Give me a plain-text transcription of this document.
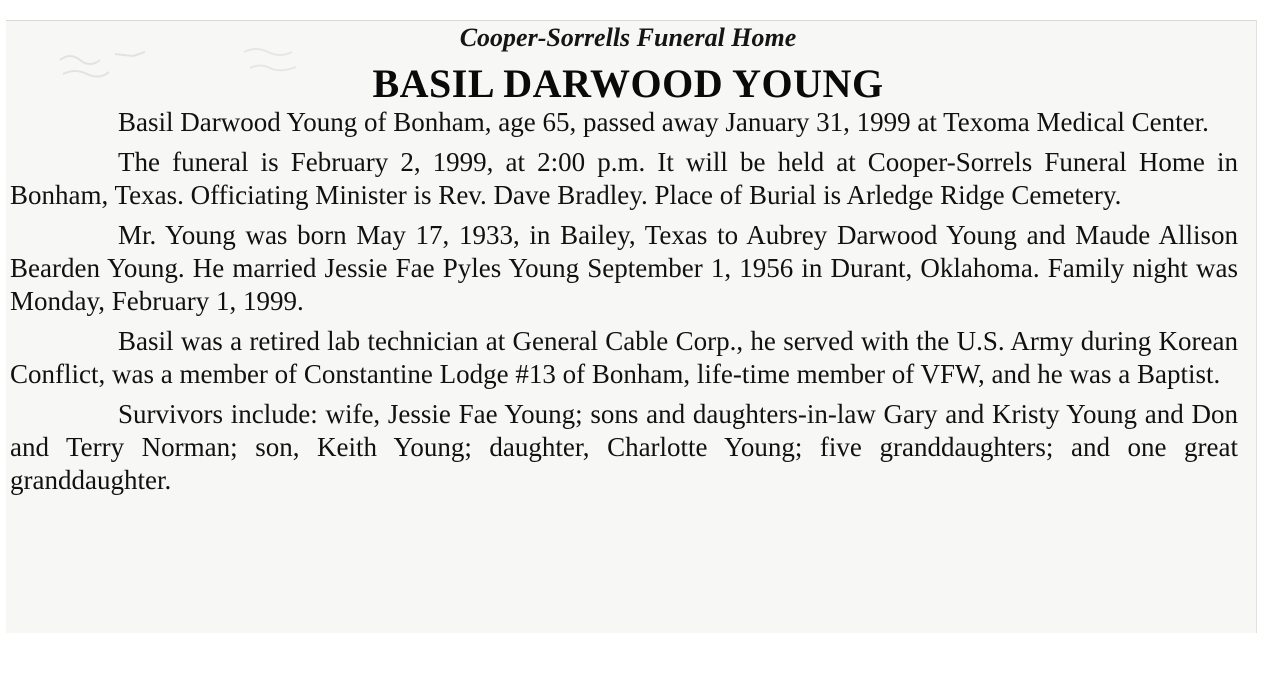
Cooper-Sorrells Funeral Home
BASIL DARWOOD YOUNG

Basil Darwood Young of Bonham, age 65, passed away January 31, 1999 at Texoma Medical Center.

The funeral is February 2, 1999, at 2:00 p.m. It will be held at Cooper-Sorrels Funeral Home in Bonham, Texas. Officiating Minister is Rev. Dave Bradley. Place of Burial is Arledge Ridge Cemetery.

Mr. Young was born May 17, 1933, in Bailey, Texas to Aubrey Darwood Young and Maude Allison Bearden Young. He married Jessie Fae Pyles Young September 1, 1956 in Durant, Oklahoma. Family night was Monday, February 1, 1999.

Basil was a retired lab technician at General Cable Corp., he served with the U.S. Army during Korean Conflict, was a member of Constantine Lodge #13 of Bonham, life-time member of VFW, and he was a Baptist.

Survivors include: wife, Jessie Fae Young; sons and daughters-in-law Gary and Kristy Young and Don and Terry Norman; son, Keith Young; daughter, Charlotte Young; five granddaughters; and one great granddaughter.
